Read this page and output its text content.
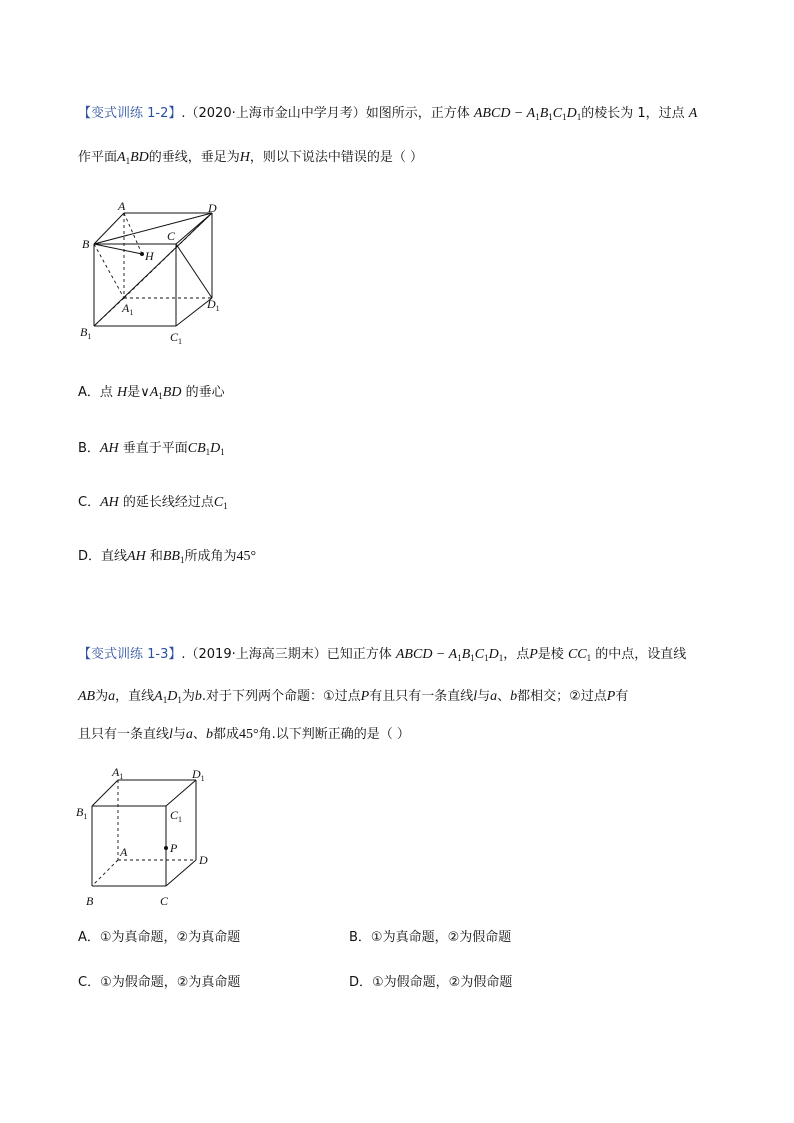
【变式训练 1-2】.（2020·上海市金山中学月考）如图所示，正方体 ABCD − $A_1B_1C_1D_1$的棱长为 1，过点 A
作平面$A_1BD$的垂线，垂足为H，则以下说法中错误的是（ ）
A	D
B
C
H
$A_1$
$D_1$
$B_1$	$C_1$
A．点 H是$\vee A_1BD$ 的垂心
B．AH 垂直于平面$CB_1D_1$
C．AH 的延长线经过点$C_1$
D．直线AH 和$BB_1$所成角为45°
【变式训练 1-3】.（2019·上海高三期末）已知正方体 ABCD − $A_1B_1C_1D_1$，点P是棱 $CC_1$ 的中点，设直线
AB为a，直线$A_1D_1$为b.对于下列两个命题：①过点P有且只有一条直线l与a、b都相交；②过点P有
且只有一条直线l与a、b都成45°角.以下判断正确的是（ ）
$A_1$	$D_1$
$B_1$	$C_1$
A	P
D
B	C
A．①为真命题，②为真命题	B．①为真命题，②为假命题
C．①为假命题，②为真命题	D．①为假命题，②为假命题
